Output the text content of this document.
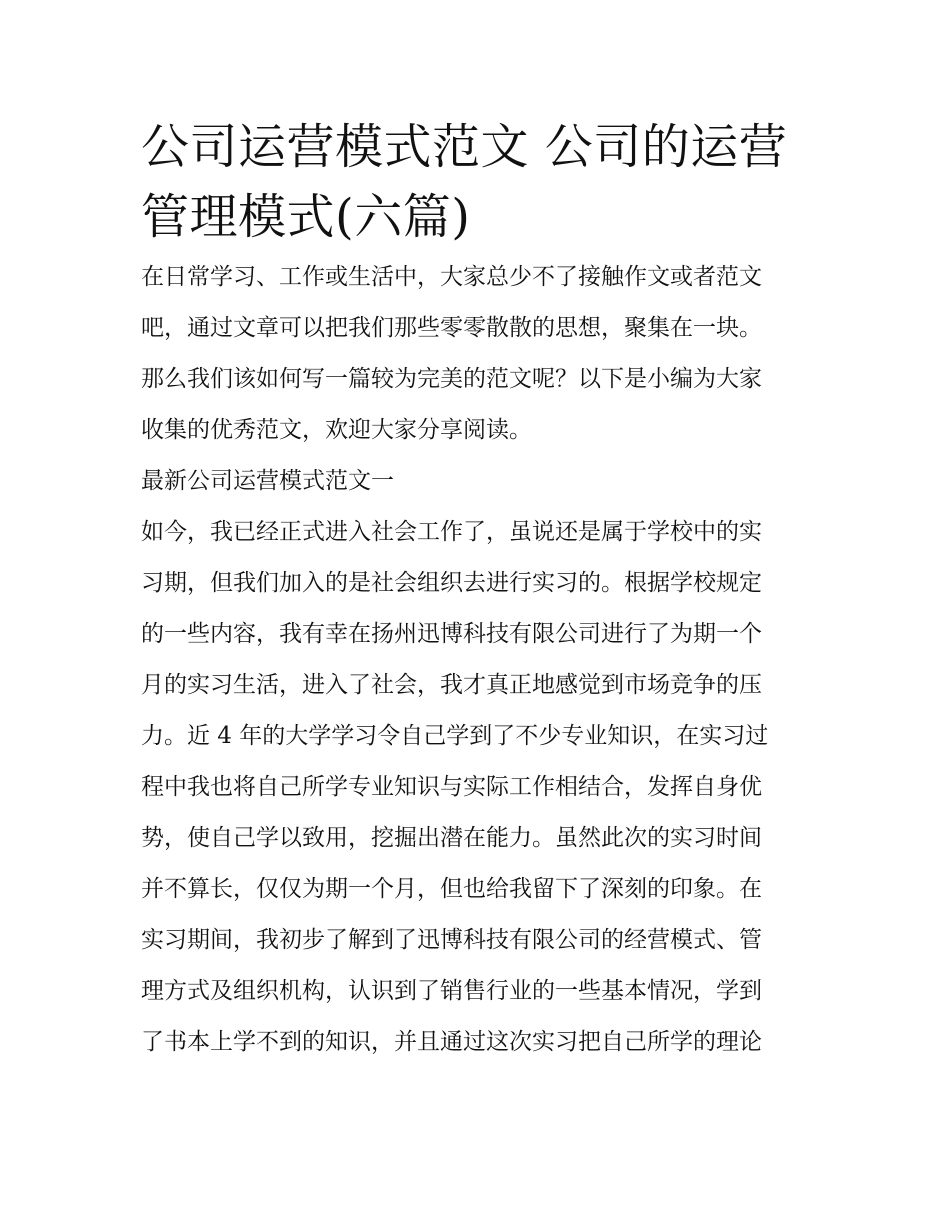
公司运营模式范文 公司的运营
管理模式(六篇)
在日常学习、工作或生活中，大家总少不了接触作文或者范文
吧，通过文章可以把我们那些零零散散的思想，聚集在一块。
那么我们该如何写一篇较为完美的范文呢？以下是小编为大家
收集的优秀范文，欢迎大家分享阅读。
最新公司运营模式范文一
如今，我已经正式进入社会工作了，虽说还是属于学校中的实
习期，但我们加入的是社会组织去进行实习的。根据学校规定
的一些内容，我有幸在扬州迅博科技有限公司进行了为期一个
月的实习生活，进入了社会，我才真正地感觉到市场竞争的压
力。近 4 年的大学学习令自己学到了不少专业知识，在实习过
程中我也将自己所学专业知识与实际工作相结合，发挥自身优
势，使自己学以致用，挖掘出潜在能力。虽然此次的实习时间
并不算长，仅仅为期一个月，但也给我留下了深刻的印象。在
实习期间，我初步了解到了迅博科技有限公司的经营模式、管
理方式及组织机构，认识到了销售行业的一些基本情况，学到
了书本上学不到的知识，并且通过这次实习把自己所学的理论
